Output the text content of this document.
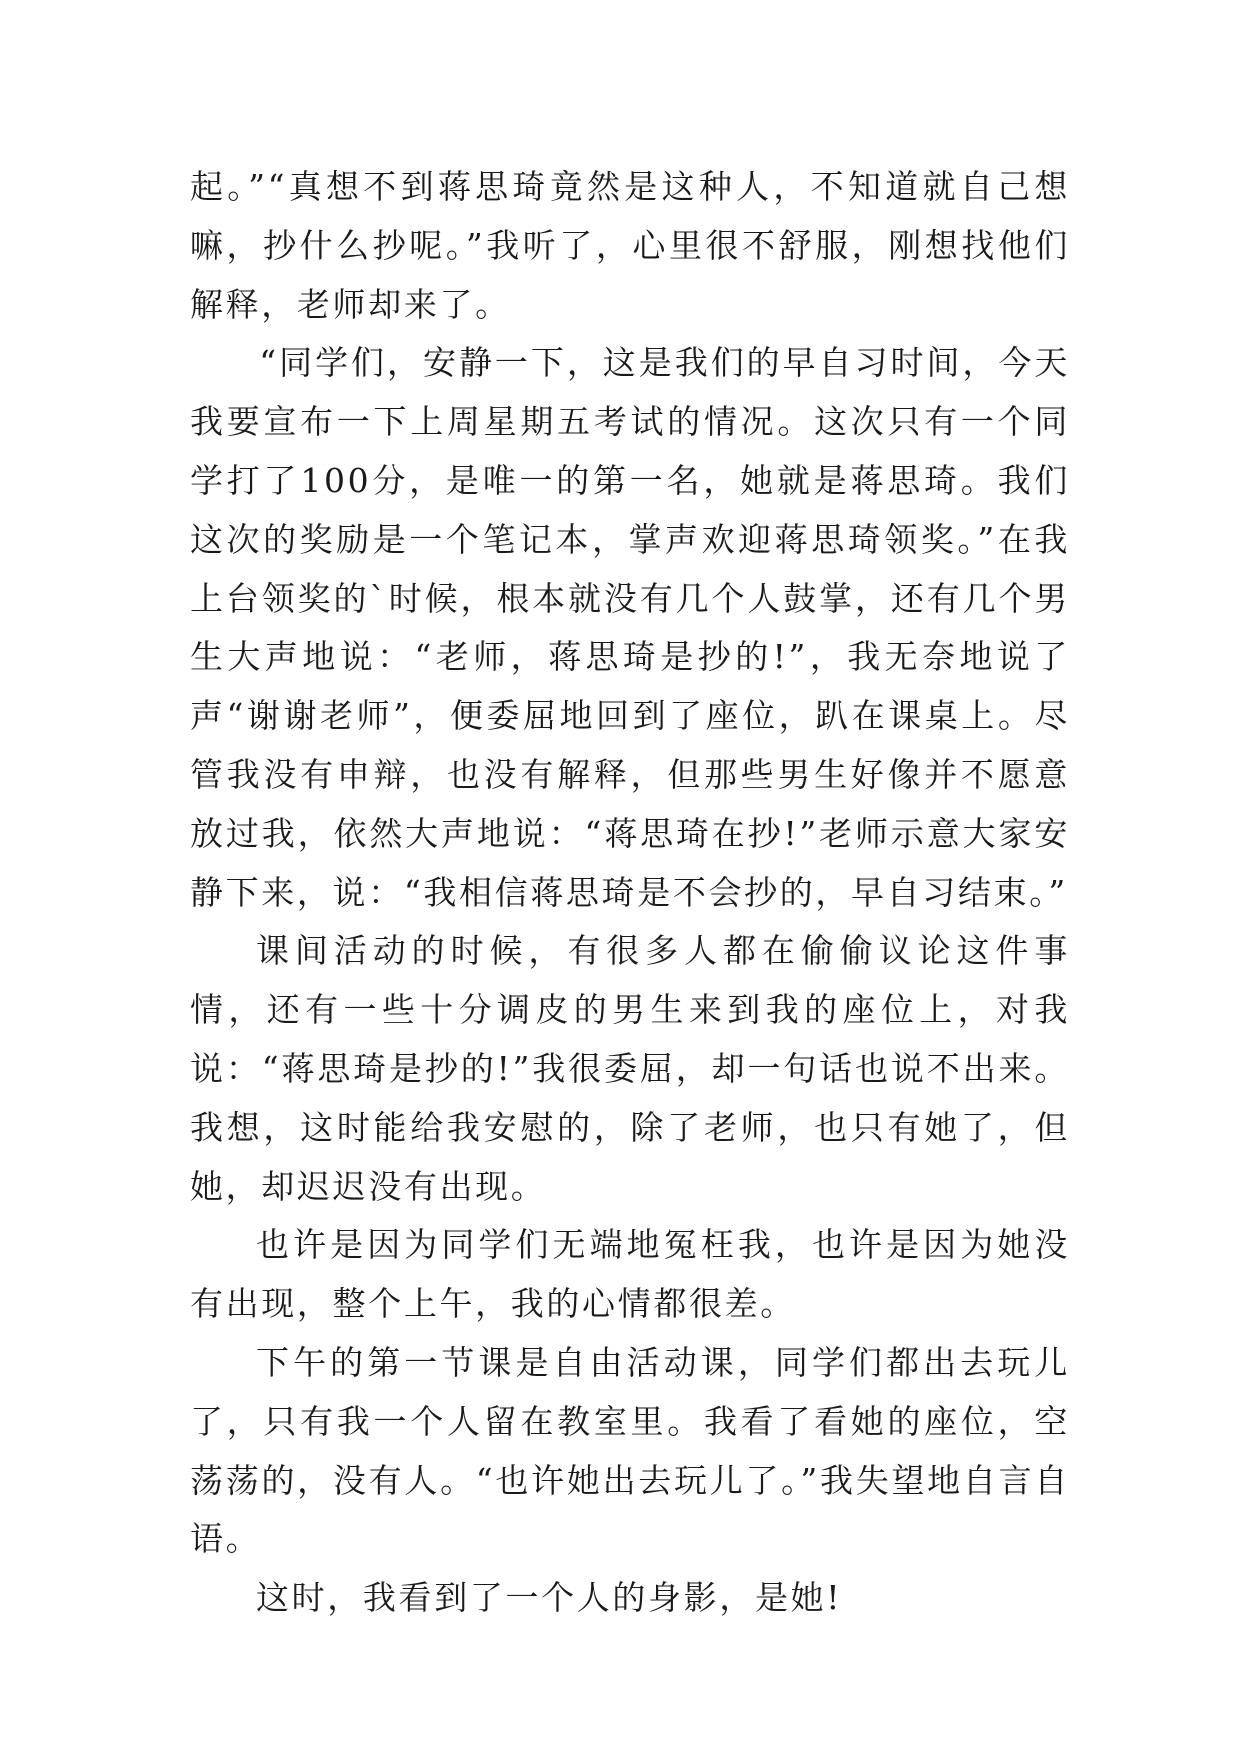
起。”“真想不到蒋思琦竟然是这种人，不知道就自己想嘛，抄什么抄呢。”我听了，心里很不舒服，刚想找他们解释，老师却来了。

“同学们，安静一下，这是我们的早自习时间，今天我要宣布一下上周星期五考试的情况。这次只有一个同学打了100分，是唯一的第一名，她就是蒋思琦。我们这次的奖励是一个笔记本，掌声欢迎蒋思琦领奖。”在我上台领奖的`时候，根本就没有几个人鼓掌，还有几个男生大声地说：“老师，蒋思琦是抄的!”，我无奈地说了声“谢谢老师”，便委屈地回到了座位，趴在课桌上。尽管我没有申辩，也没有解释，但那些男生好像并不愿意放过我，依然大声地说：“蒋思琦在抄!”老师示意大家安静下来，说：“我相信蒋思琦是不会抄的，早自习结束。”

课间活动的时候，有很多人都在偷偷议论这件事情，还有一些十分调皮的男生来到我的座位上，对我说：“蒋思琦是抄的!”我很委屈，却一句话也说不出来。我想，这时能给我安慰的，除了老师，也只有她了，但她，却迟迟没有出现。

也许是因为同学们无端地冤枉我，也许是因为她没有出现，整个上午，我的心情都很差。

下午的第一节课是自由活动课，同学们都出去玩儿了，只有我一个人留在教室里。我看了看她的座位，空荡荡的，没有人。“也许她出去玩儿了。”我失望地自言自语。

这时，我看到了一个人的身影，是她!
